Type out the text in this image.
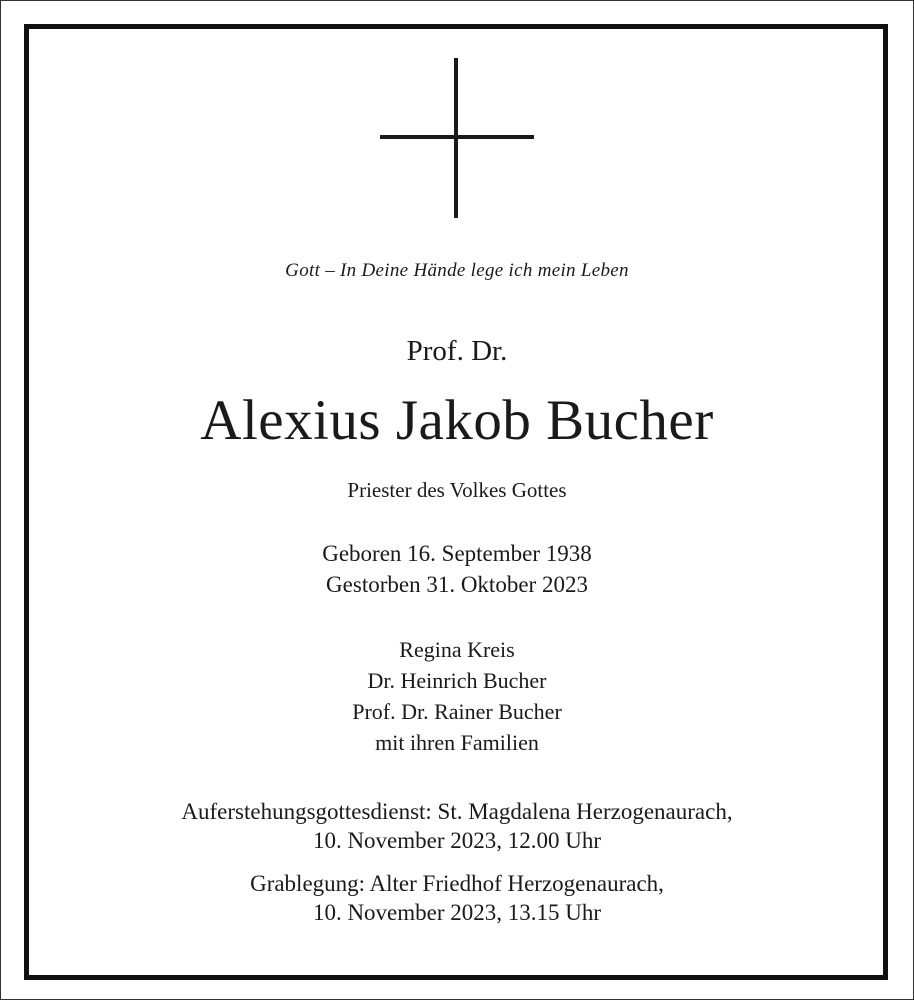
Gott – In Deine Hände lege ich mein Leben
Prof. Dr.
Alexius Jakob Bucher
Priester des Volkes Gottes
Geboren 16. September 1938
Gestorben 31. Oktober 2023
Regina Kreis
Dr. Heinrich Bucher
Prof. Dr. Rainer Bucher
mit ihren Familien
Auferstehungsgottesdienst: St. Magdalena Herzogenaurach,
10. November 2023, 12.00 Uhr
Grablegung: Alter Friedhof Herzogenaurach,
10. November 2023, 13.15 Uhr
